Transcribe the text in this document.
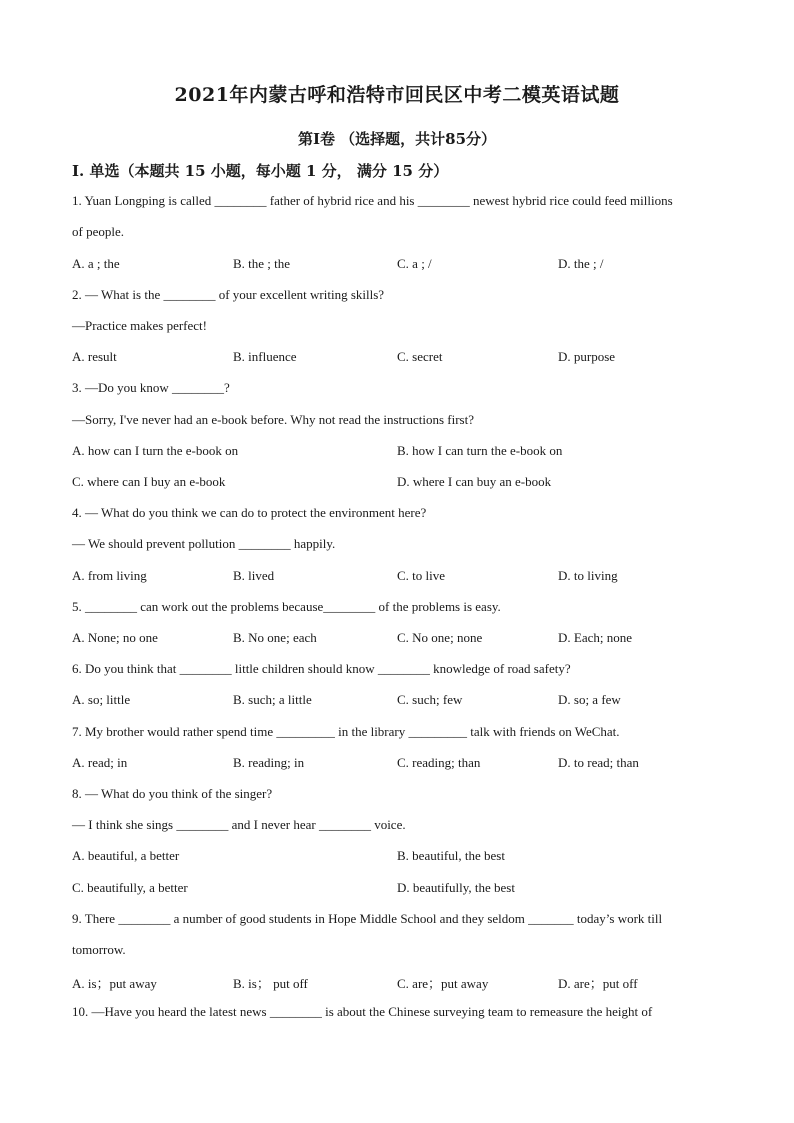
2021年内蒙古呼和浩特市回民区中考二模英语试题
第I卷 （选择题，共计85分）
I. 单选（本题共 15 小题，每小题 1 分， 满分 15 分）
1. Yuan Longping is called ________ father of hybrid rice and his ________ newest hybrid rice could feed millions
of people.
A. a ; the	B. the ; the	C. a ; /	D. the ; /
2. — What is the ________ of your excellent writing skills?
—Practice makes perfect!
A. result	B. influence	C. secret	D. purpose
3. —Do you know ________?
—Sorry, I've never had an e-book before. Why not read the instructions first?
A. how can I turn the e-book on	B. how I can turn the e-book on
C. where can I buy an e-book	D. where I can buy an e-book
4. — What do you think we can do to protect the environment here?
— We should prevent pollution ________ happily.
A. from living	B. lived	C. to live	D. to living
5. ________ can work out the problems because________ of the problems is easy.
A. None; no one	B. No one; each	C. No one; none	D. Each; none
6. Do you think that ________ little children should know ________ knowledge of road safety?
A. so; little	B. such; a little	C. such; few	D. so; a few
7. My brother would rather spend time _________ in the library _________ talk with friends on WeChat.
A. read; in	B. reading; in	C. reading; than	D. to read; than
8. — What do you think of the singer?
— I think she sings ________ and I never hear ________ voice.
A. beautiful, a better	B. beautiful, the best
C. beautifully, a better	D. beautifully, the best
9. There ________ a number of good students in Hope Middle School and they seldom _______ today’s work till
tomorrow.
A. is；put away	B. is； put off	C. are；put away	D. are；put off
10. —Have you heard the latest news ________ is about the Chinese surveying team to remeasure the height of
